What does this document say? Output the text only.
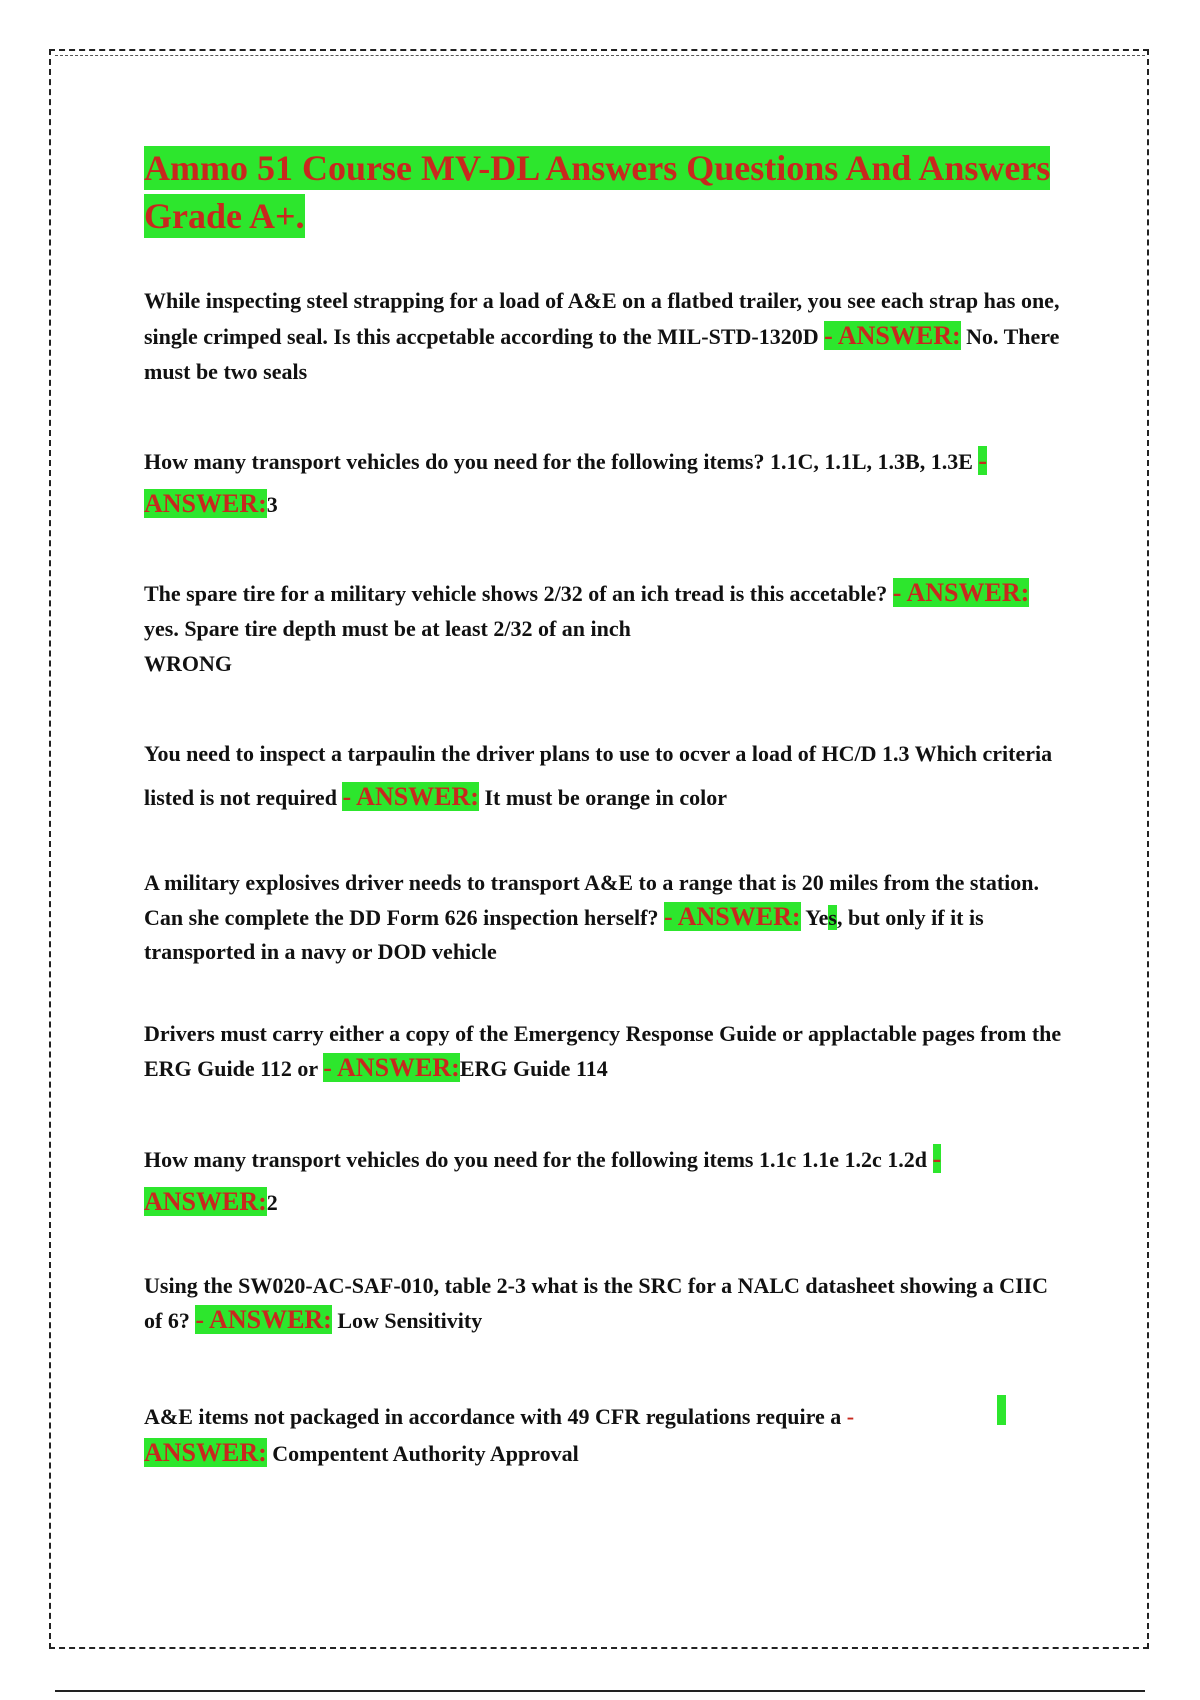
Ammo 51 Course MV-DL Answers Questions And Answers Grade A+.

While inspecting steel strapping for a load of A&E on a flatbed trailer, you see each strap has one, single crimped seal. Is this accpetable according to the MIL-STD-1320D - ANSWER: No. There must be two seals

How many transport vehicles do you need for the following items? 1.1C, 1.1L, 1.3B, 1.3E - ANSWER:3

The spare tire for a military vehicle shows 2/32 of an ich tread is this accetable? - ANSWER: yes. Spare tire depth must be at least 2/32 of an inch
WRONG

You need to inspect a tarpaulin the driver plans to use to ocver a load of HC/D 1.3 Which criteria listed is not required - ANSWER: It must be orange in color

A military explosives driver needs to transport A&E to a range that is 20 miles from the station. Can she complete the DD Form 626 inspection herself? - ANSWER: Yes, but only if it is transported in a navy or DOD vehicle

Drivers must carry either a copy of the Emergency Response Guide or applactable pages from the ERG Guide 112 or - ANSWER:ERG Guide 114

How many transport vehicles do you need for the following items 1.1c 1.1e 1.2c 1.2d - ANSWER:2

Using the SW020-AC-SAF-010, table 2-3 what is the SRC for a NALC datasheet showing a CIIC of 6? - ANSWER: Low Sensitivity

A&E items not packaged in accordance with 49 CFR regulations require a -
ANSWER: Compentent Authority Approval
